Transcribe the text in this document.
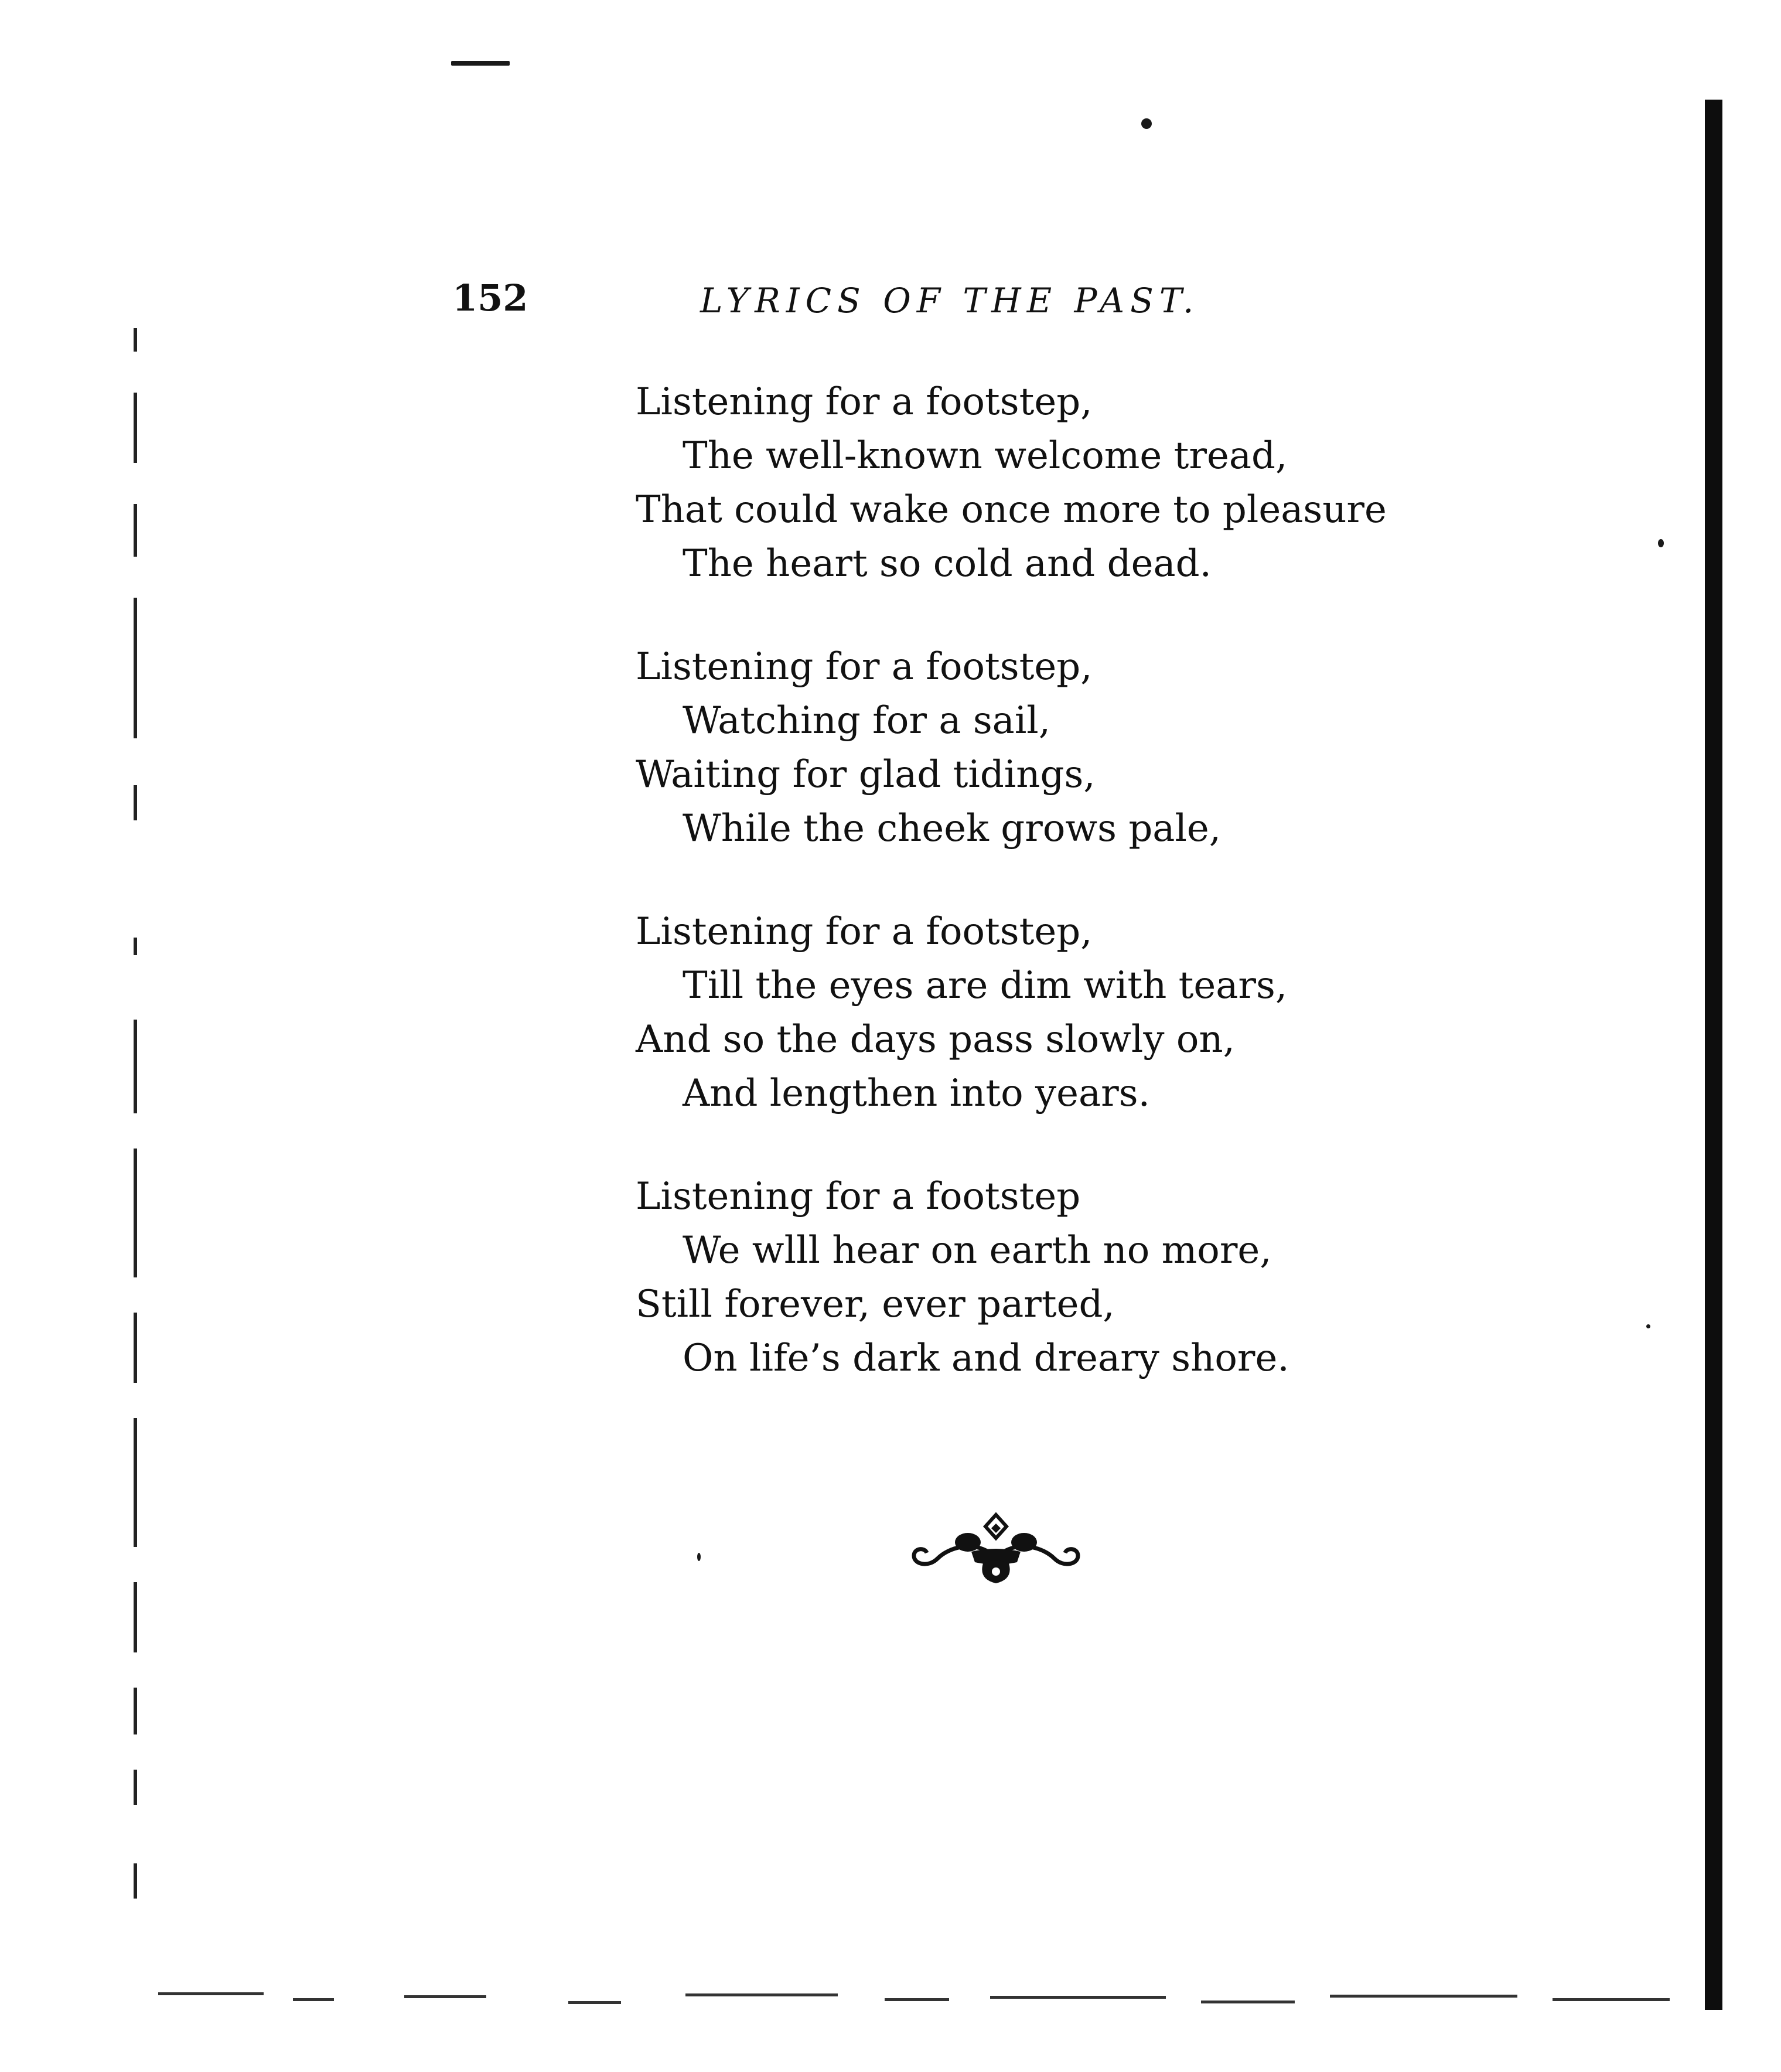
152	LYRICS OF THE PAST.
Listening for a footstep,
The well-known welcome tread,
That could wake once more to pleasure
The heart so cold and dead.
Listening for a footstep,
Watching for a sail,
Waiting for glad tidings,
While the cheek grows pale,
Listening for a footstep,
Till the eyes are dim with tears,
And so the days pass slowly on,
And lengthen into years.
Listening for a footstep
We wlll hear on earth no more,
Still forever, ever parted,
On life’s dark and dreary shore.
